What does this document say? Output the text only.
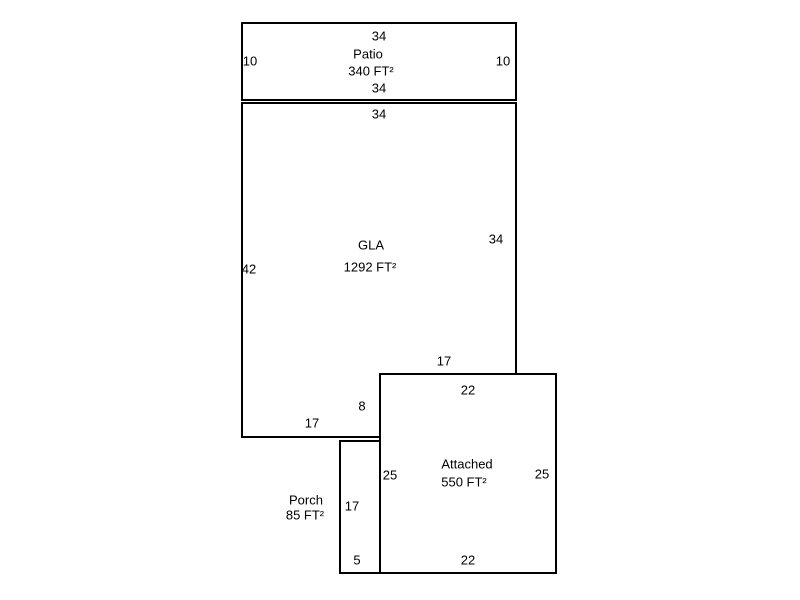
34
Patio
340 FT²
34
10	10
34
GLA
1292 FT²
42
34
17
8
17
22
Attached
550 FT²
25	25
22
Porch
85 FT²
17
5
